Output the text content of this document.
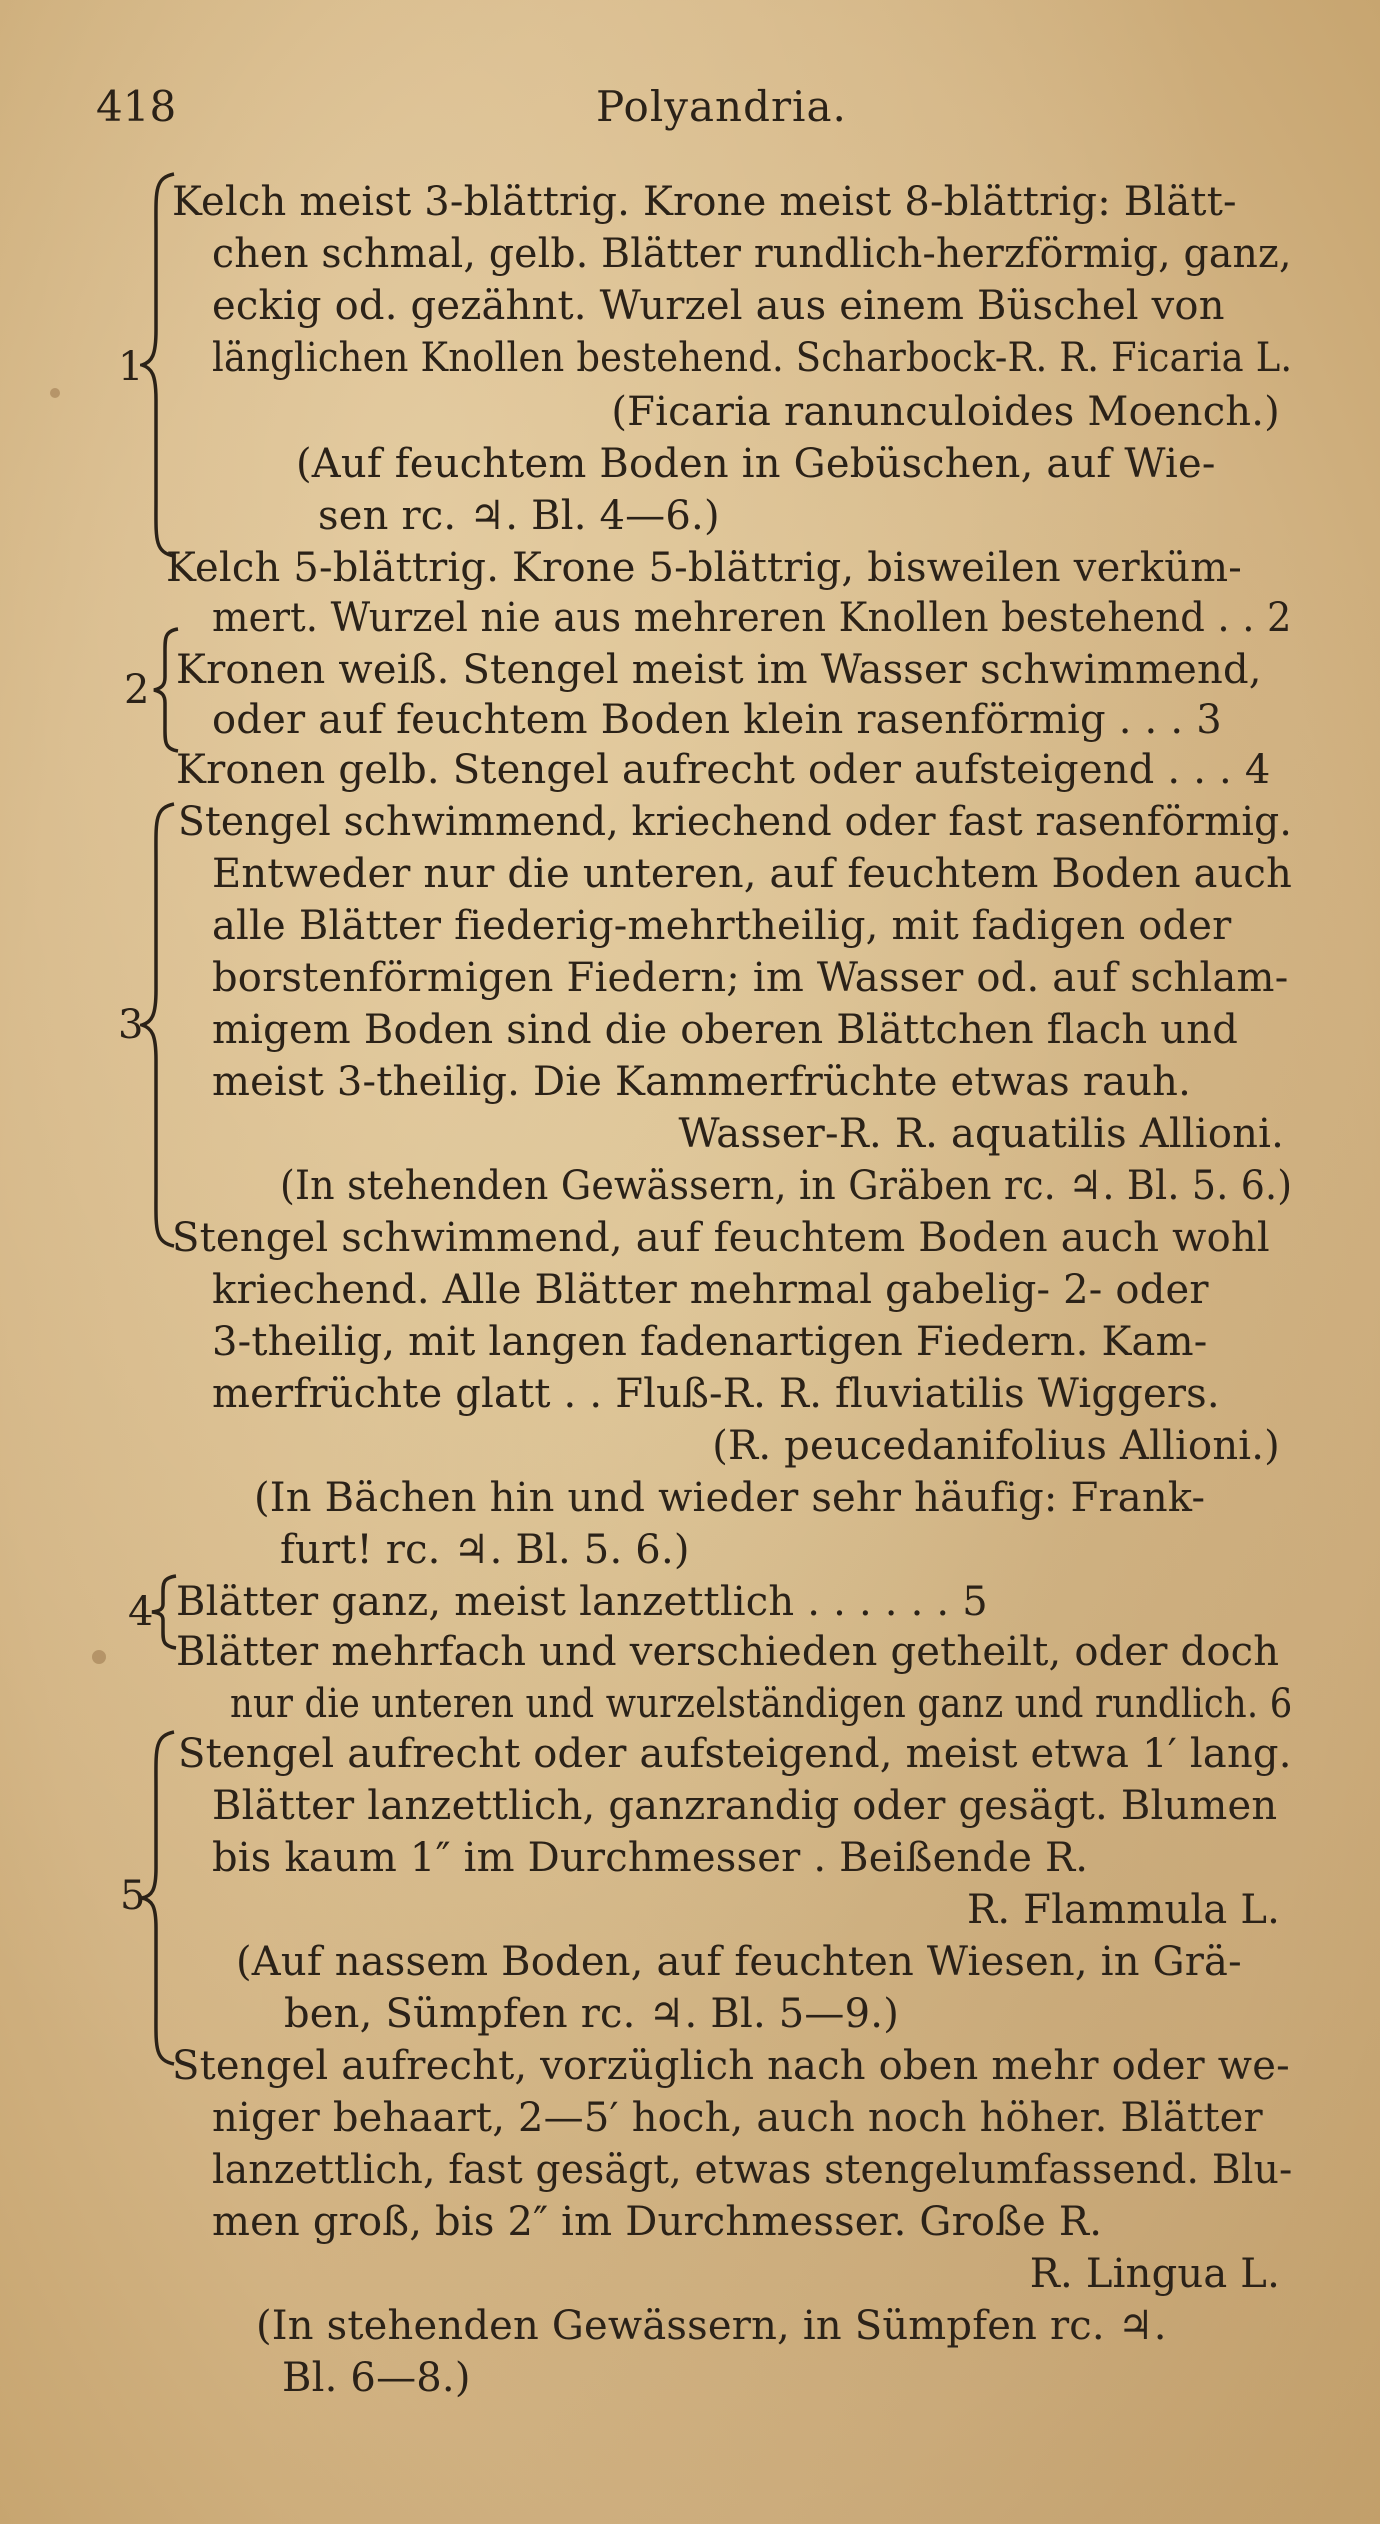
418	Polyandria.
1
2
3
4
5
Kelch meist 3-blättrig. Krone meist 8-blättrig: Blätt-
chen schmal, gelb. Blätter rundlich-herzförmig, ganz,
eckig od. gezähnt. Wurzel aus einem Büschel von
länglichen Knollen bestehend. Scharbock-R. R. Ficaria L.
(Ficaria ranunculoides Moench.)
(Auf feuchtem Boden in Gebüschen, auf Wie-
sen rc. ♃. Bl. 4—6.)
Kelch 5-blättrig. Krone 5-blättrig, bisweilen verküm-
mert. Wurzel nie aus mehreren Knollen bestehend . . 2
Kronen weiß. Stengel meist im Wasser schwimmend,
oder auf feuchtem Boden klein rasenförmig . . . 3
Kronen gelb. Stengel aufrecht oder aufsteigend . . . 4
Stengel schwimmend, kriechend oder fast rasenförmig.
Entweder nur die unteren, auf feuchtem Boden auch
alle Blätter fiederig-mehrtheilig, mit fadigen oder
borstenförmigen Fiedern; im Wasser od. auf schlam-
migem Boden sind die oberen Blättchen flach und
meist 3-theilig. Die Kammerfrüchte etwas rauh.
Wasser-R. R. aquatilis Allioni.
(In stehenden Gewässern, in Gräben rc. ♃. Bl. 5. 6.)
Stengel schwimmend, auf feuchtem Boden auch wohl
kriechend. Alle Blätter mehrmal gabelig- 2- oder
3-theilig, mit langen fadenartigen Fiedern. Kam-
merfrüchte glatt . . Fluß-R. R. fluviatilis Wiggers.
(R. peucedanifolius Allioni.)
(In Bächen hin und wieder sehr häufig: Frank-
furt! rc. ♃. Bl. 5. 6.)
Blätter ganz, meist lanzettlich . . . . . . 5
Blätter mehrfach und verschieden getheilt, oder doch
nur die unteren und wurzelständigen ganz und rundlich. 6
Stengel aufrecht oder aufsteigend, meist etwa 1′ lang.
Blätter lanzettlich, ganzrandig oder gesägt. Blumen
bis kaum 1″ im Durchmesser . Beißende R.
R. Flammula L.
(Auf nassem Boden, auf feuchten Wiesen, in Grä-
ben, Sümpfen rc. ♃. Bl. 5—9.)
Stengel aufrecht, vorzüglich nach oben mehr oder we-
niger behaart, 2—5′ hoch, auch noch höher. Blätter
lanzettlich, fast gesägt, etwas stengelumfassend. Blu-
men groß, bis 2″ im Durchmesser. Große R.
R. Lingua L.
(In stehenden Gewässern, in Sümpfen rc. ♃.
Bl. 6—8.)
